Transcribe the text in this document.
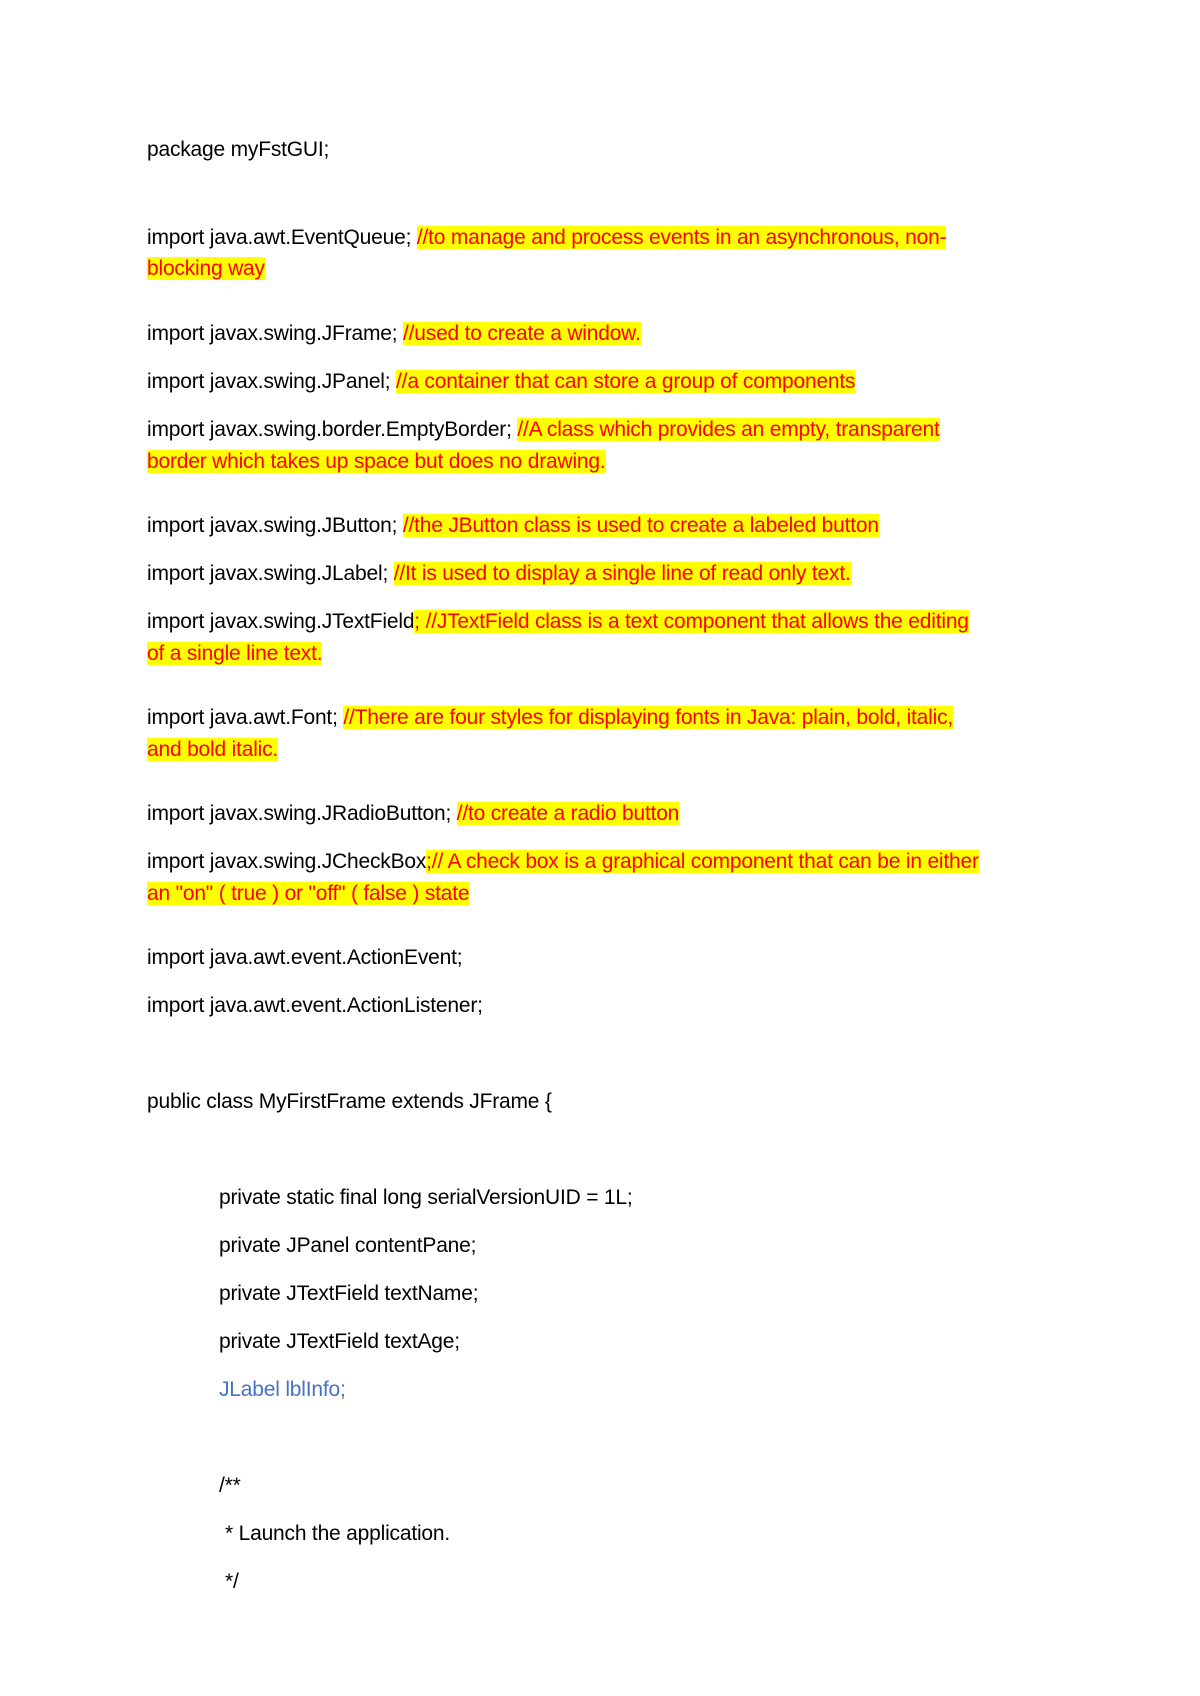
package myFstGUI;

import java.awt.EventQueue; //to manage and process events in an asynchronous, non-

blocking way

import javax.swing.JFrame; //used to create a window.

import javax.swing.JPanel; //a container that can store a group of components

import javax.swing.border.EmptyBorder; //A class which provides an empty, transparent

border which takes up space but does no drawing.

import javax.swing.JButton; //the JButton class is used to create a labeled button

import javax.swing.JLabel; //It is used to display a single line of read only text.

import javax.swing.JTextField; //JTextField class is a text component that allows the editing

of a single line text.

import java.awt.Font; //There are four styles for displaying fonts in Java: plain, bold, italic,

and bold italic.

import javax.swing.JRadioButton; //to create a radio button

import javax.swing.JCheckBox;// A check box is a graphical component that can be in either

an "on" ( true ) or "off" ( false ) state

import java.awt.event.ActionEvent;

import java.awt.event.ActionListener;

public class MyFirstFrame extends JFrame {

private static final long serialVersionUID = 1L;

private JPanel contentPane;

private JTextField textName;

private JTextField textAge;

JLabel lblInfo;

/**

* Launch the application.

*/
